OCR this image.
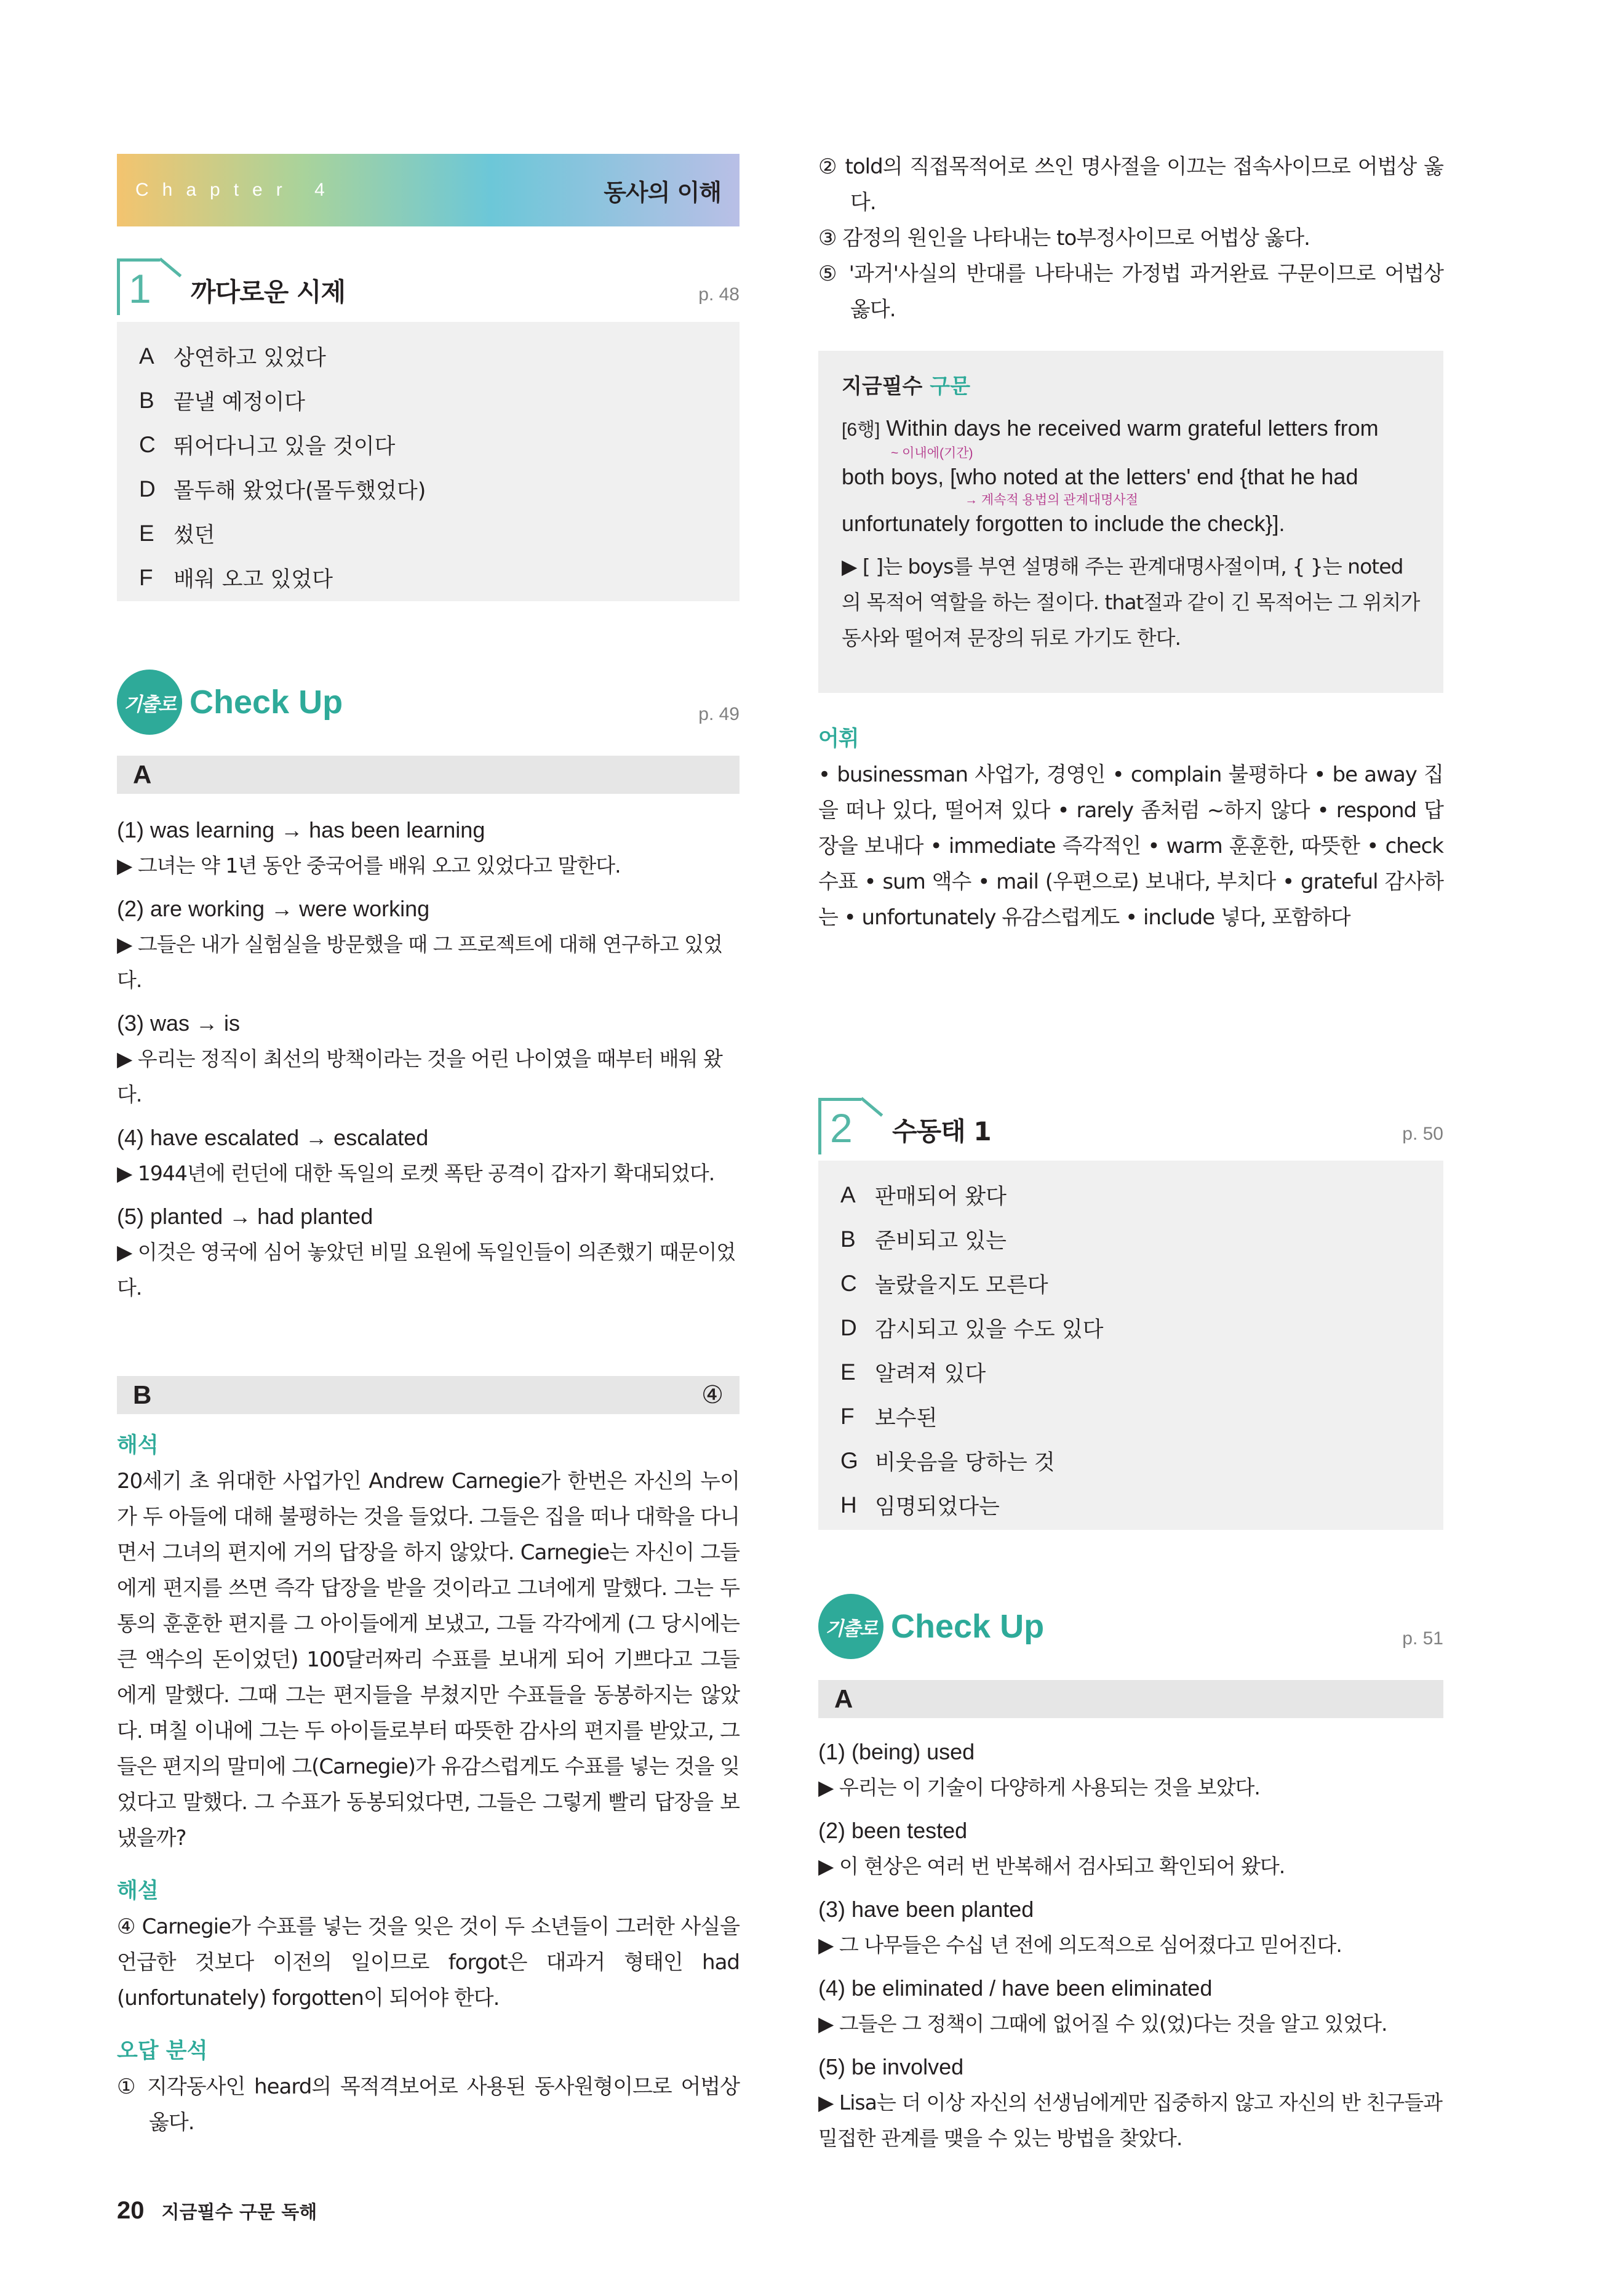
Chapter 4	동사의 이해
1	까다로운 시제	p. 48
A 상연하고 있었다
B 끝낼 예정이다
C 뛰어다니고 있을 것이다
D 몰두해 왔었다(몰두했었다)
E 썼던
F 배워 오고 있었다
기출로 Check Up	p. 49
A
(1) was learning → has been learning
▶ 그녀는 약 1년 동안 중국어를 배워 오고 있었다고 말한다.
(2) are working → were working
▶ 그들은 내가 실험실을 방문했을 때 그 프로젝트에 대해 연구하고 있었다.
(3) was → is
▶ 우리는 정직이 최선의 방책이라는 것을 어린 나이였을 때부터 배워 왔다.
(4) have escalated → escalated
▶ 1944년에 런던에 대한 독일의 로켓 폭탄 공격이 갑자기 확대되었다.
(5) planted → had planted
▶ 이것은 영국에 심어 놓았던 비밀 요원에 독일인들이 의존했기 때문이었다.
B	④
해석
20세기 초 위대한 사업가인 Andrew Carnegie가 한번은 자신의 누이가 두 아들에 대해 불평하는 것을 들었다. 그들은 집을 떠나 대학을 다니면서 그녀의 편지에 거의 답장을 하지 않았다. Carnegie는 자신이 그들에게 편지를 쓰면 즉각 답장을 받을 것이라고 그녀에게 말했다. 그는 두 통의 훈훈한 편지를 그 아이들에게 보냈고, 그들 각각에게 (그 당시에는 큰 액수의 돈이었던) 100달러짜리 수표를 보내게 되어 기쁘다고 그들에게 말했다. 그때 그는 편지들을 부쳤지만 수표들을 동봉하지는 않았다. 며칠 이내에 그는 두 아이들로부터 따뜻한 감사의 편지를 받았고, 그들은 편지의 말미에 그(Carnegie)가 유감스럽게도 수표를 넣는 것을 잊었다고 말했다. 그 수표가 동봉되었다면, 그들은 그렇게 빨리 답장을 보냈을까?
해설
④ Carnegie가 수표를 넣는 것을 잊은 것이 두 소년들이 그러한 사실을 언급한 것보다 이전의 일이므로 forgot은 대과거 형태인 had (unfortunately) forgotten이 되어야 한다.
오답 분석
① 지각동사인 heard의 목적격보어로 사용된 동사원형이므로 어법상 옳다.
② told의 직접목적어로 쓰인 명사절을 이끄는 접속사이므로 어법상 옳다.
③ 감정의 원인을 나타내는 to부정사이므로 어법상 옳다.
⑤ '과거'사실의 반대를 나타내는 가정법 과거완료 구문이므로 어법상 옳다.
지금필수 구문
[6행] Within days he received warm grateful letters from
~ 이내에(기간)
both boys, [who noted at the letters' end {that he had
→ 계속적 용법의 관계대명사절
unfortunately forgotten to include the check}].
▶ [ ]는 boys를 부연 설명해 주는 관계대명사절이며, { }는 noted의 목적어 역할을 하는 절이다. that절과 같이 긴 목적어는 그 위치가 동사와 떨어져 문장의 뒤로 가기도 한다.
어휘
• businessman 사업가, 경영인 • complain 불평하다 • be away 집을 떠나 있다, 떨어져 있다 • rarely 좀처럼 ~하지 않다 • respond 답장을 보내다 • immediate 즉각적인 • warm 훈훈한, 따뜻한 • check 수표 • sum 액수 • mail (우편으로) 보내다, 부치다 • grateful 감사하는 • unfortunately 유감스럽게도 • include 넣다, 포함하다
2	수동태 1	p. 50
A 판매되어 왔다
B 준비되고 있는
C 놀랐을지도 모른다
D 감시되고 있을 수도 있다
E 알려져 있다
F 보수된
G 비웃음을 당하는 것
H 임명되었다는
기출로 Check Up	p. 51
A
(1) (being) used
▶ 우리는 이 기술이 다양하게 사용되는 것을 보았다.
(2) been tested
▶ 이 현상은 여러 번 반복해서 검사되고 확인되어 왔다.
(3) have been planted
▶ 그 나무들은 수십 년 전에 의도적으로 심어졌다고 믿어진다.
(4) be eliminated / have been eliminated
▶ 그들은 그 정책이 그때에 없어질 수 있(었)다는 것을 알고 있었다.
(5) be involved
▶ Lisa는 더 이상 자신의 선생님에게만 집중하지 않고 자신의 반 친구들과 밀접한 관계를 맺을 수 있는 방법을 찾았다.
20 지금필수 구문 독해
